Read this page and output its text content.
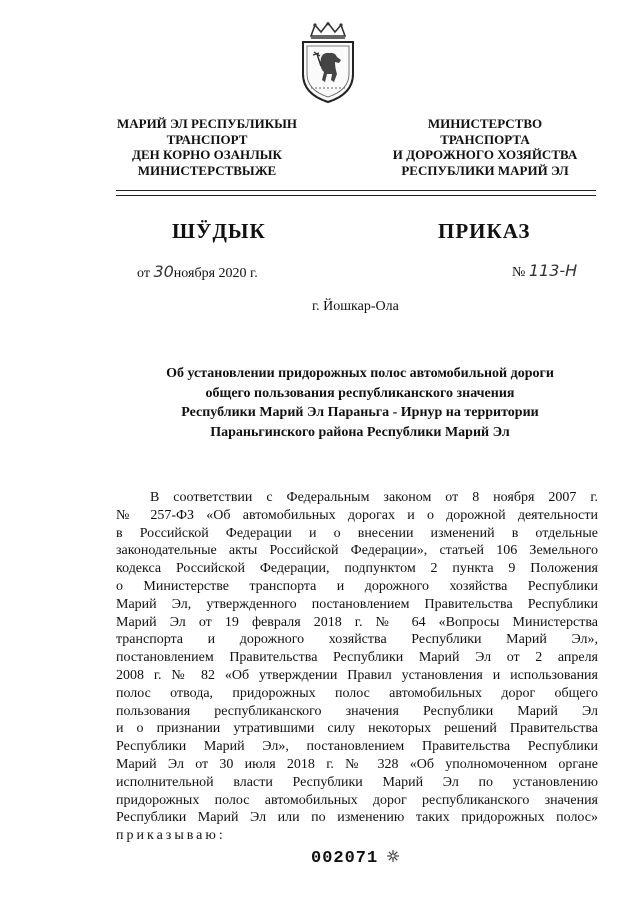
МАРИЙ ЭЛ РЕСПУБЛИКЫН
ТРАНСПОРТ
ДЕН КОРНО ОЗАНЛЫК
МИНИСТЕРСТВЫЖЕ
МИНИСТЕРСТВО
ТРАНСПОРТА
И ДОРОЖНОГО ХОЗЯЙСТВА
РЕСПУБЛИКИ МАРИЙ ЭЛ
ШӰДЫК	ПРИКАЗ
от 30ноября 2020 г.	№ 113-Н
г. Йошкар-Ола
Об установлении придорожных полос автомобильной дороги
общего пользования республиканского значения
Республики Марий Эл Параньга - Ирнур на территории
Параньгинского района Республики Марий Эл
В соответствии с Федеральным законом от 8 ноября 2007 г.
№ 257-ФЗ «Об автомобильных дорогах и о дорожной деятельности
в Российской Федерации и о внесении изменений в отдельные
законодательные акты Российской Федерации», статьей 106 Земельного
кодекса Российской Федерации, подпунктом 2 пункта 9 Положения
о Министерстве транспорта и дорожного хозяйства Республики
Марий Эл, утвержденного постановлением Правительства Республики
Марий Эл от 19 февраля 2018 г. № 64 «Вопросы Министерства
транспорта и дорожного хозяйства Республики Марий Эл»,
постановлением Правительства Республики Марий Эл от 2 апреля
2008 г. № 82 «Об утверждении Правил установления и использования
полос отвода, придорожных полос автомобильных дорог общего
пользования республиканского значения Республики Марий Эл
и о признании утратившими силу некоторых решений Правительства
Республики Марий Эл», постановлением Правительства Республики
Марий Эл от 30 июля 2018 г. № 328 «Об уполномоченном органе
исполнительной власти Республики Марий Эл по установлению
придорожных полос автомобильных дорог республиканского значения
Республики Марий Эл или по изменению таких придорожных полос»
приказываю:
002071
